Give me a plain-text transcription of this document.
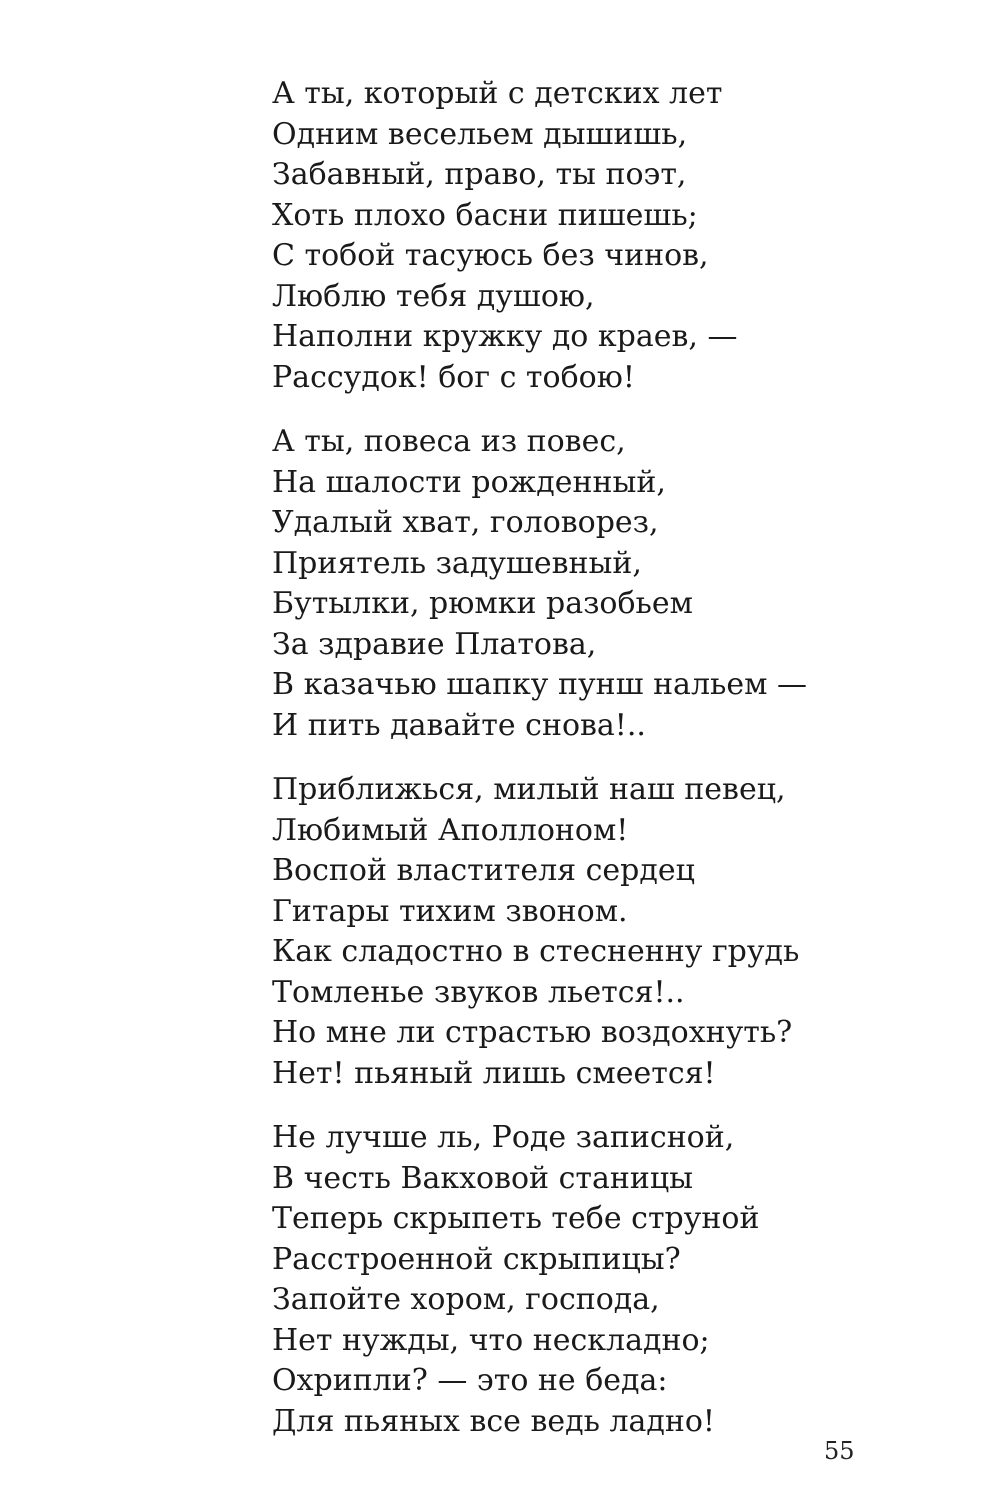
А ты, который с детских лет
Одним весельем дышишь,
Забавный, право, ты поэт,
Хоть плохо басни пишешь;
С тобой тасуюсь без чинов,
Люблю тебя душою,
Наполни кружку до краев, —
Рассудок! бог с тобою!

А ты, повеса из повес,
На шалости рожденный,
Удалый хват, головорез,
Приятель задушевный,
Бутылки, рюмки разобьем
За здравие Платова,
В казачью шапку пунш нальем —
И пить давайте снова!..

Приближься, милый наш певец,
Любимый Аполлоном!
Воспой властителя сердец
Гитары тихим звоном.
Как сладостно в стесненну грудь
Томленье звуков льется!..
Но мне ли страстью воздохнуть?
Нет! пьяный лишь смеется!

Не лучше ль, Роде записной,
В честь Вакховой станицы
Теперь скрыпеть тебе струной
Расстроенной скрыпицы?
Запойте хором, господа,
Нет нужды, что нескладно;
Охрипли? — это не беда:
Для пьяных все ведь ладно!

55
